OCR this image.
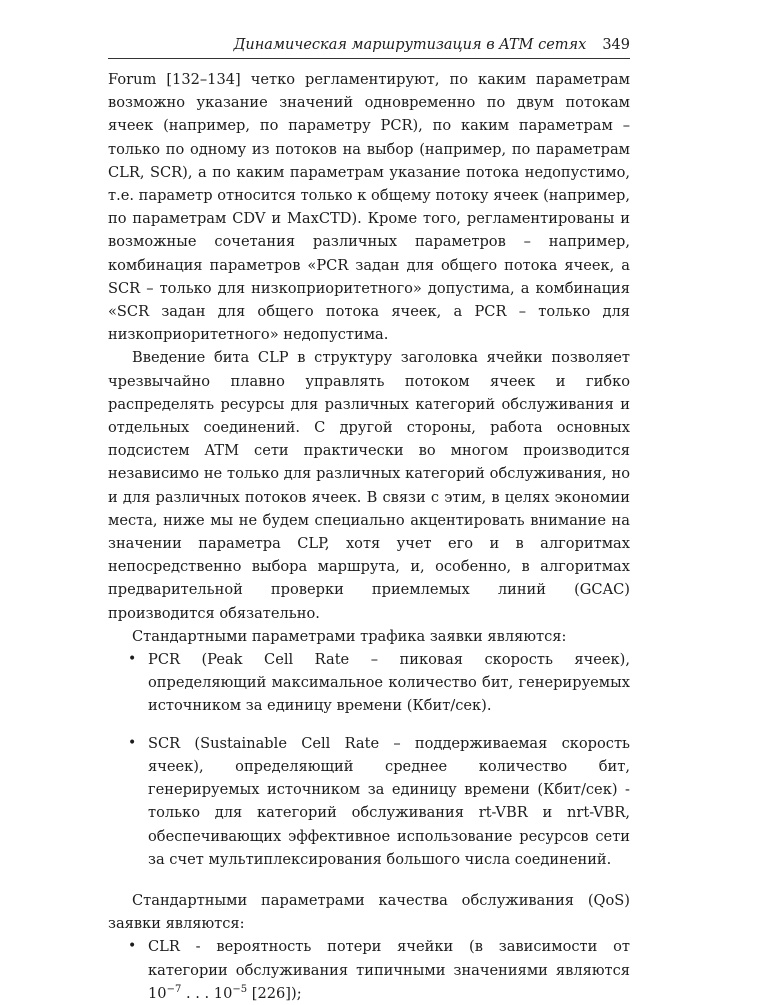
Динамическая маршрутизация в ATM сетях 349

Forum [132–134] четко регламентируют, по каким параметрам возможно указание значений одновременно по двум потокам ячеек (например, по параметру PCR), по каким параметрам – только по одному из потоков на выбор (например, по параметрам CLR, SCR), а по каким параметрам указание потока недопустимо, т.е. параметр относится только к общему потоку ячеек (например, по параметрам CDV и MaxCTD). Кроме того, регламентированы и возможные сочетания различных параметров – например, комбинация параметров «PCR задан для общего потока ячеек, а SCR – только для низкоприоритетного» допустима, а комбинация «SCR задан для общего потока ячеек, а PCR – только для низкоприоритетного» недопустима.

Введение бита CLP в структуру заголовка ячейки позволяет чрезвычайно плавно управлять потоком ячеек и гибко распределять ресурсы для различных категорий обслуживания и отдельных соединений. С другой стороны, работа основных подсистем ATM сети практически во многом производится независимо не только для различных категорий обслуживания, но и для различных потоков ячеек. В связи с этим, в целях экономии места, ниже мы не будем специально акцентировать внимание на значении параметра CLP, хотя учет его и в алгоритмах непосредственно выбора маршрута, и, особенно, в алгоритмах предварительной проверки приемлемых линий (GCAC) производится обязательно.

Стандартными параметрами трафика заявки являются:

• PCR (Peak Cell Rate – пиковая скорость ячеек), определяющий максимальное количество бит, генерируемых источником за единицу времени (Кбит/сек).

• SCR (Sustainable Cell Rate – поддерживаемая скорость ячеек), определяющий среднее количество бит, генерируемых источником за единицу времени (Кбит/сек) - только для категорий обслуживания rt-VBR и nrt-VBR, обеспечивающих эффективное использование ресурсов сети за счет мультиплексирования большого числа соединений.

Стандартными параметрами качества обслуживания (QoS) заявки являются:

• CLR - вероятность потери ячейки (в зависимости от категории обслуживания типичными значениями являются $10^{-7}$ . . . $10^{-5}$ [226]);
